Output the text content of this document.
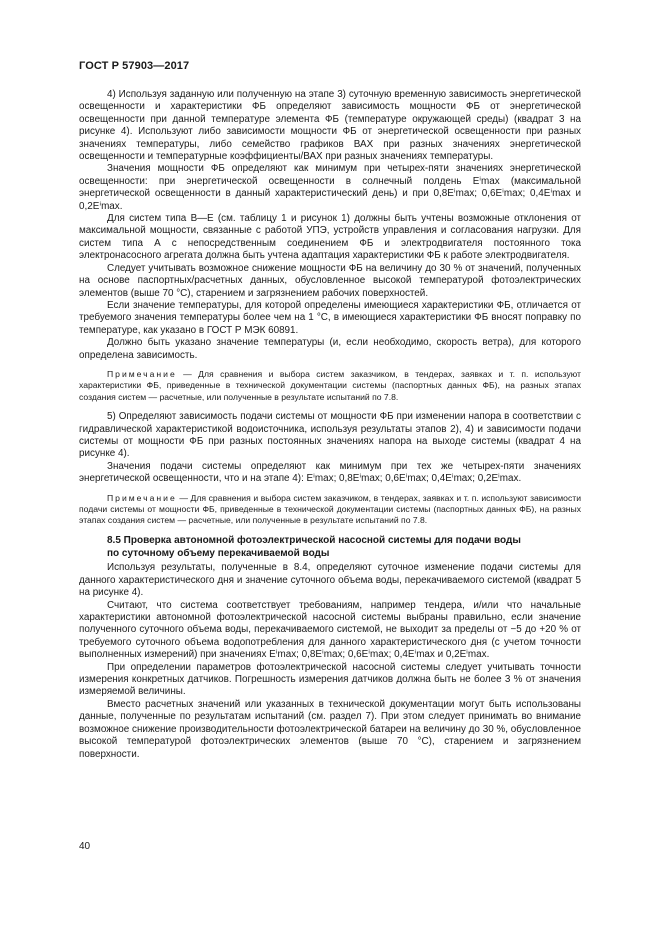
ГОСТ Р 57903—2017

4) Используя заданную или полученную на этапе 3) суточную временную зависимость энергетической освещенности и характеристики ФБ определяют зависимость мощности ФБ от энергетической освещенности при данной температуре элемента ФБ (температуре окружающей среды) (квадрат 3 на рисунке 4). Используют либо зависимости мощности ФБ от энергетической освещенности при разных значениях температуры, либо семейство графиков ВАХ при разных значениях энергетической освещенности и температурные коэффициенты/ВАХ при разных значениях температуры.

Значения мощности ФБ определяют как минимум при четырех-пяти значениях энергетической освещенности: при энергетической освещенности в солнечный полдень Eⁱmax (максимальной энергетической освещенности в данный характеристический день) и при 0,8Eⁱmax; 0,6Eⁱmax; 0,4Eⁱmax и 0,2Eⁱmax.

Для систем типа В—Е (см. таблицу 1 и рисунок 1) должны быть учтены возможные отклонения от максимальной мощности, связанные с работой УПЭ, устройств управления и согласования нагрузки. Для систем типа А с непосредственным соединением ФБ и электродвигателя постоянного тока электронасосного агрегата должна быть учтена адаптация характеристики ФБ к работе электродвигателя.

Следует учитывать возможное снижение мощности ФБ на величину до 30 % от значений, полученных на основе паспортных/расчетных данных, обусловленное высокой температурой фотоэлектрических элементов (выше 70 °С), старением и загрязнением рабочих поверхностей.

Если значение температуры, для которой определены имеющиеся характеристики ФБ, отличается от требуемого значения температуры более чем на 1 °С, в имеющиеся характеристики ФБ вносят поправку по температуре, как указано в ГОСТ Р МЭК 60891.

Должно быть указано значение температуры (и, если необходимо, скорость ветра), для которого определена зависимость.

Примечание — Для сравнения и выбора систем заказчиком, в тендерах, заявках и т. п. используют характеристики ФБ, приведенные в технической документации системы (паспортных данных ФБ), на разных этапах создания систем — расчетные, или полученные в результате испытаний по 7.8.

5) Определяют зависимость подачи системы от мощности ФБ при изменении напора в соответствии с гидравлической характеристикой водоисточника, используя результаты этапов 2), 4) и зависимости подачи системы от мощности ФБ при разных постоянных значениях напора на выходе системы (квадрат 4 на рисунке 4).

Значения подачи системы определяют как минимум при тех же четырех-пяти значениях энергетической освещенности, что и на этапе 4): Eⁱmax; 0,8Eⁱmax; 0,6Eⁱmax; 0,4Eⁱmax; 0,2Eⁱmax.

Примечание — Для сравнения и выбора систем заказчиком, в тендерах, заявках и т. п. используют зависимости подачи системы от мощности ФБ, приведенные в технической документации системы (паспортных данных ФБ), на разных этапах создания систем — расчетные, или полученные в результате испытаний по 7.8.

8.5 Проверка автономной фотоэлектрической насосной системы для подачи воды
по суточному объему перекачиваемой воды

Используя результаты, полученные в 8.4, определяют суточное изменение подачи системы для данного характеристического дня и значение суточного объема воды, перекачиваемого системой (квадрат 5 на рисунке 4).

Считают, что система соответствует требованиям, например тендера, и/или что начальные характеристики автономной фотоэлектрической насосной системы выбраны правильно, если значение полученного суточного объема воды, перекачиваемого системой, не выходит за пределы от −5 до +20 % от требуемого суточного объема водопотребления для данного характеристического дня (с учетом точности выполненных измерений) при значениях Eⁱmax; 0,8Eⁱmax; 0,6Eⁱmax; 0,4Eⁱmax и 0,2Eⁱmax.

При определении параметров фотоэлектрической насосной системы следует учитывать точности измерения конкретных датчиков. Погрешность измерения датчиков должна быть не более 3 % от значения измеряемой величины.

Вместо расчетных значений или указанных в технической документации могут быть использованы данные, полученные по результатам испытаний (см. раздел 7). При этом следует принимать во внимание возможное снижение производительности фотоэлектрической батареи на величину до 30 %, обусловленное высокой температурой фотоэлектрических элементов (выше 70 °С), старением и загрязнением поверхности.

40
